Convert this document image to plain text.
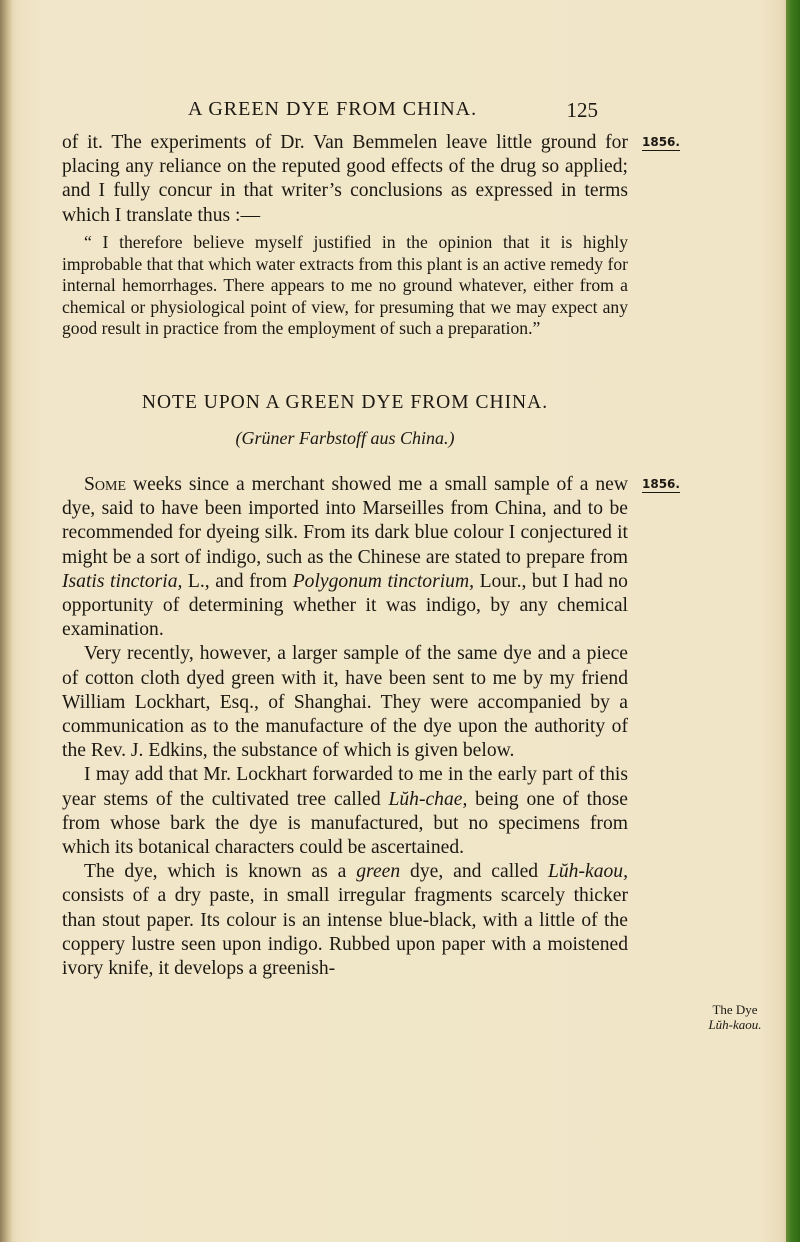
A GREEN DYE FROM CHINA.	125
1856.
1856.
The Dye
Lŭh-kaou.

of it. The experiments of Dr. Van Bemmelen leave little ground for placing any reliance on the reputed good effects of the drug so applied; and I fully concur in that writer’s conclusions as expressed in terms which I translate thus :—

“ I therefore believe myself justified in the opinion that it is highly improbable that that which water extracts from this plant is an active remedy for internal hemorrhages. There appears to me no ground whatever, either from a chemical or physiological point of view, for presuming that we may expect any good result in practice from the employment of such a preparation.”

NOTE UPON A GREEN DYE FROM CHINA.
(Grüner Farbstoff aus China.)

Some weeks since a merchant showed me a small sample of a new dye, said to have been imported into Marseilles from China, and to be recommended for dyeing silk. From its dark blue colour I conjectured it might be a sort of indigo, such as the Chinese are stated to prepare from Isatis tinctoria, L., and from Polygonum tinctorium, Lour., but I had no opportunity of determining whether it was indigo, by any chemical examination.

Very recently, however, a larger sample of the same dye and a piece of cotton cloth dyed green with it, have been sent to me by my friend William Lockhart, Esq., of Shanghai. They were accompanied by a communication as to the manufacture of the dye upon the authority of the Rev. J. Edkins, the substance of which is given below.

I may add that Mr. Lockhart forwarded to me in the early part of this year stems of the cultivated tree called Lŭh-chae, being one of those from whose bark the dye is manufactured, but no specimens from which its botanical characters could be ascertained.

The dye, which is known as a green dye, and called Lŭh-kaou, consists of a dry paste, in small irregular fragments scarcely thicker than stout paper. Its colour is an intense blue-black, with a little of the coppery lustre seen upon indigo. Rubbed upon paper with a moistened ivory knife, it develops a greenish-
